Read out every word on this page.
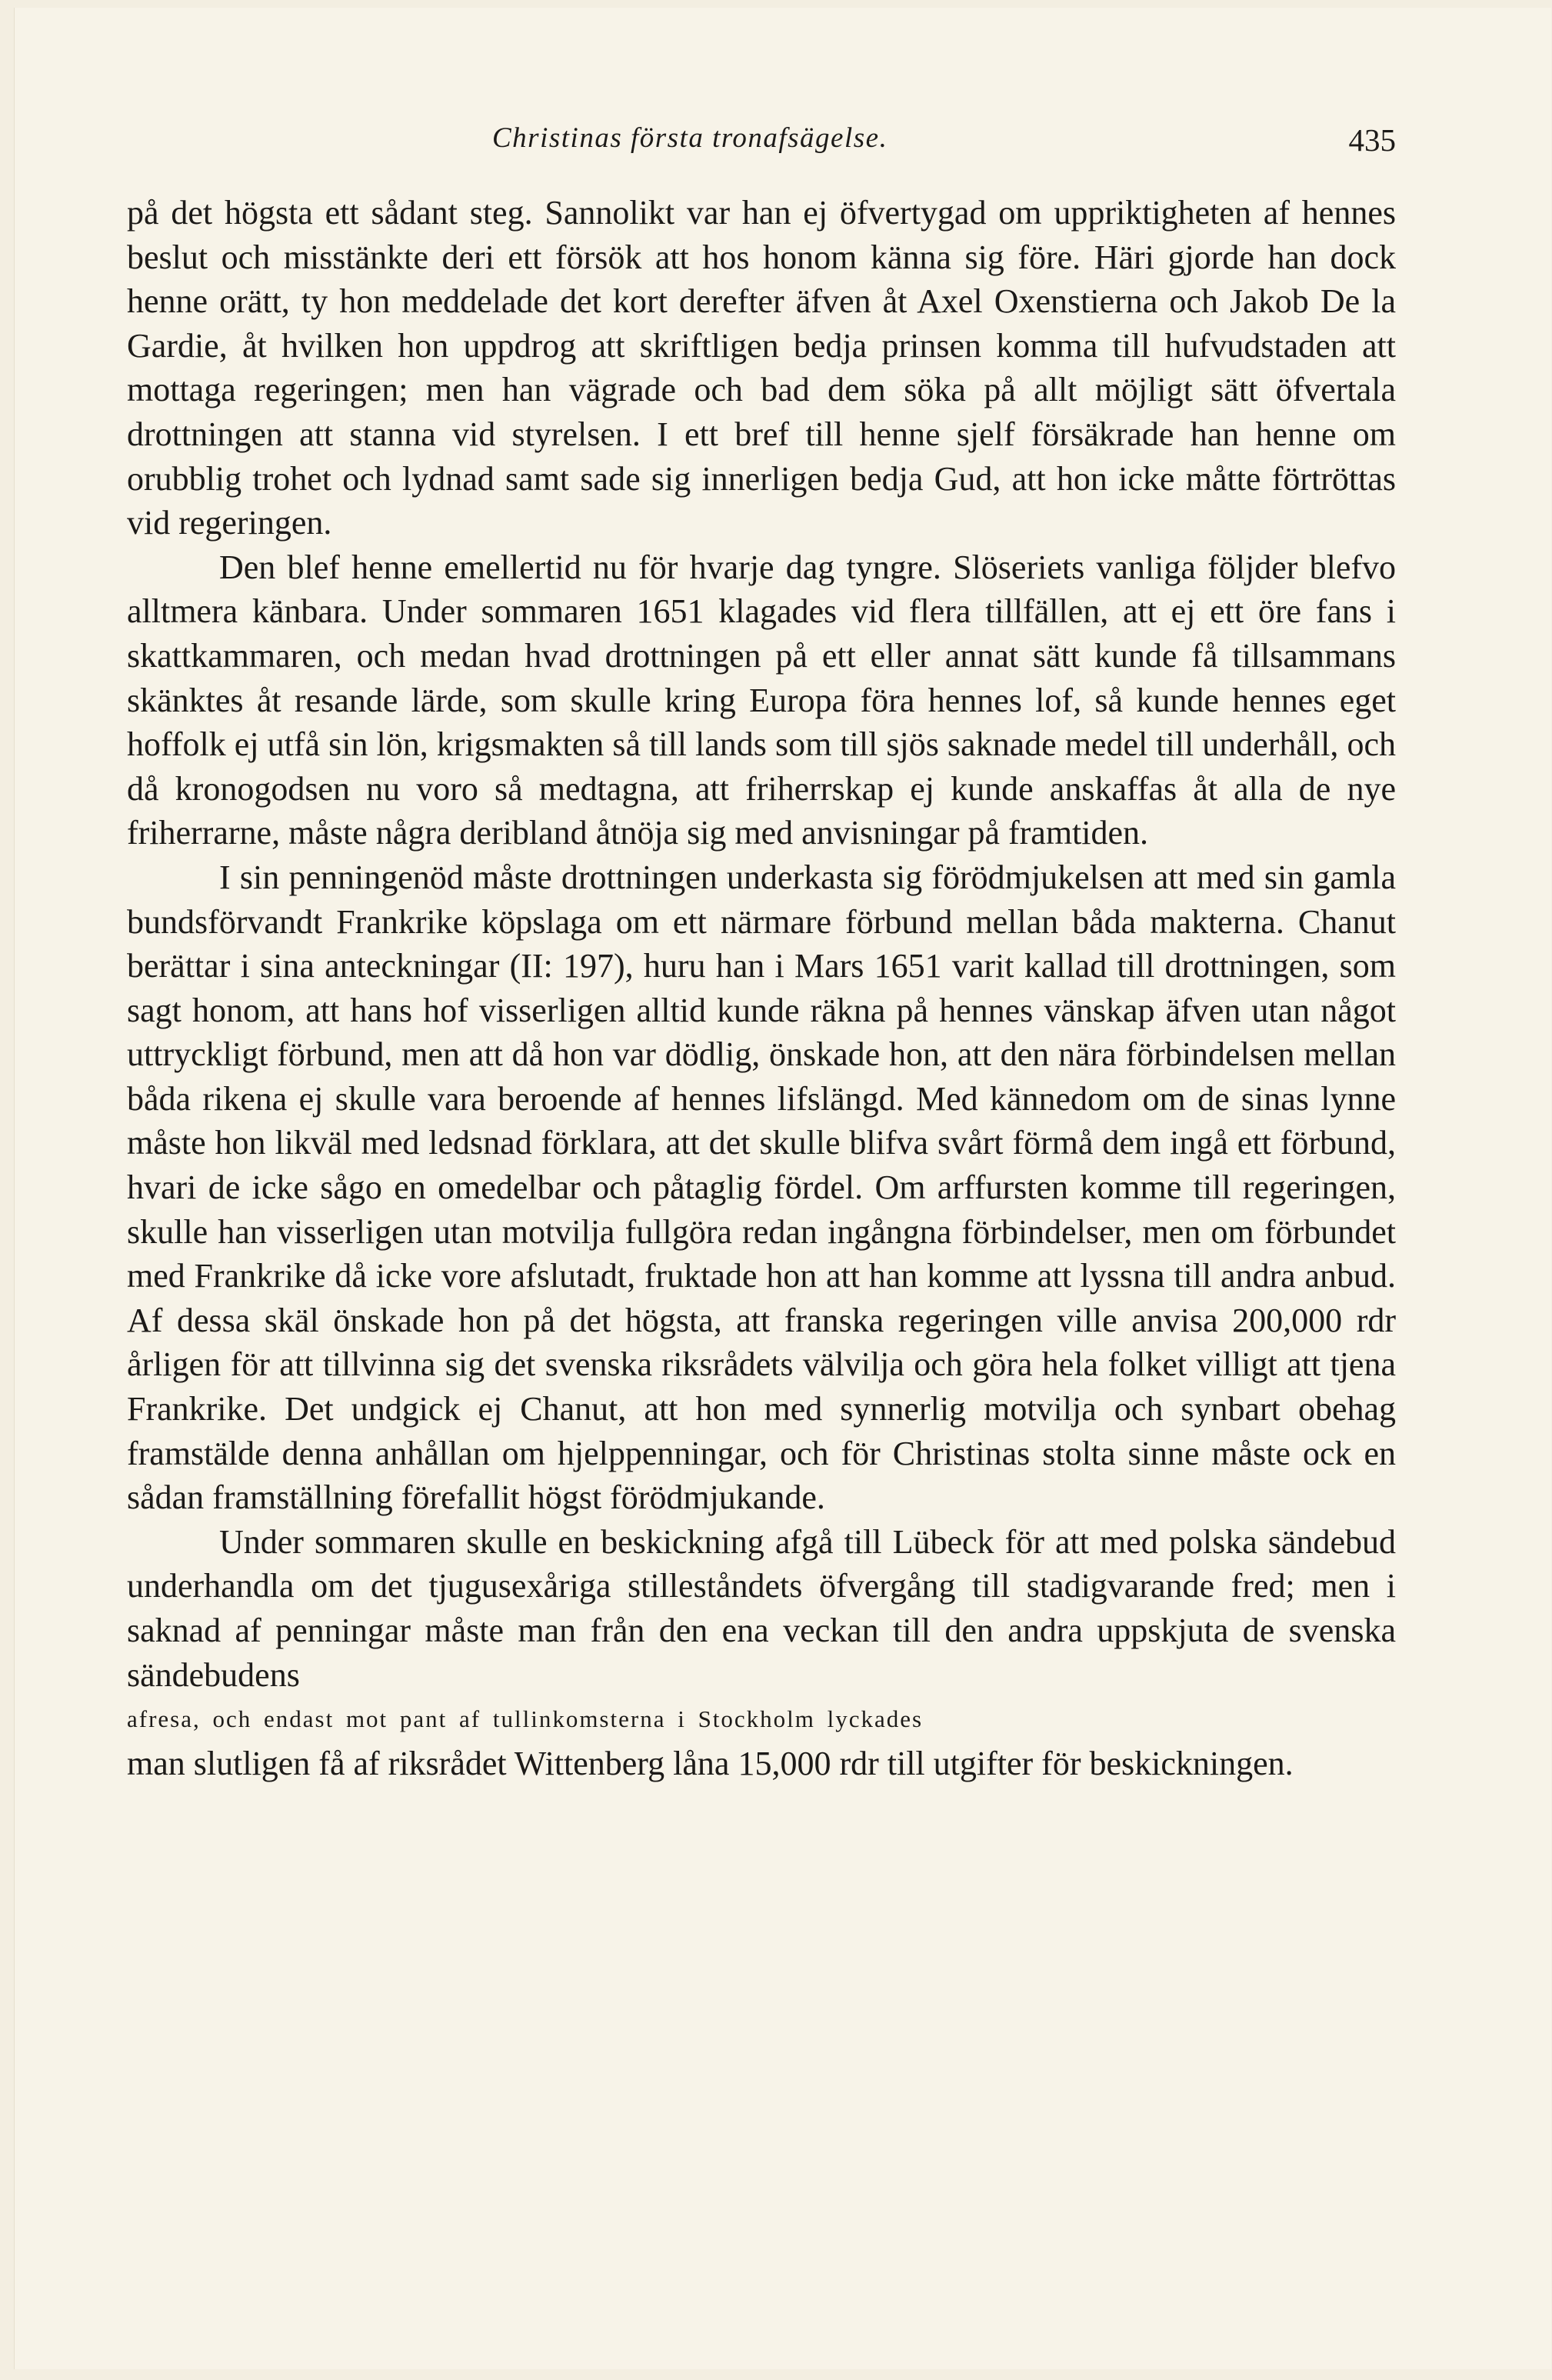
Christinas första tronafsägelse.	435

på det högsta ett sådant steg. Sannolikt var han ej öfvertygad om uppriktigheten af hennes beslut och misstänkte deri ett försök att hos honom känna sig före. Häri gjorde han dock henne orätt, ty hon meddelade det kort derefter äfven åt Axel Oxenstierna och Jakob De la Gardie, åt hvilken hon uppdrog att skriftligen bedja prinsen komma till hufvudstaden att mottaga regeringen; men han vägrade och bad dem söka på allt möjligt sätt öfvertala drottningen att stanna vid styrelsen. I ett bref till henne sjelf försäkrade han henne om orubblig trohet och lydnad samt sade sig innerligen bedja Gud, att hon icke måtte förtröttas vid regeringen.

Den blef henne emellertid nu för hvarje dag tyngre. Slöseriets vanliga följder blefvo alltmera känbara. Under sommaren 1651 klagades vid flera tillfällen, att ej ett öre fans i skattkammaren, och medan hvad drottningen på ett eller annat sätt kunde få tillsammans skänktes åt resande lärde, som skulle kring Europa föra hennes lof, så kunde hennes eget hoffolk ej utfå sin lön, krigsmakten så till lands som till sjös saknade medel till underhåll, och då kronogodsen nu voro så medtagna, att friherrskap ej kunde anskaffas åt alla de nye friherrarne, måste några deribland åtnöja sig med anvisningar på framtiden.

I sin penningenöd måste drottningen underkasta sig förödmjukelsen att med sin gamla bundsförvandt Frankrike köpslaga om ett närmare förbund mellan båda makterna. Chanut berättar i sina anteckningar (II: 197), huru han i Mars 1651 varit kallad till drottningen, som sagt honom, att hans hof visserligen alltid kunde räkna på hennes vänskap äfven utan något uttryckligt förbund, men att då hon var dödlig, önskade hon, att den nära förbindelsen mellan båda rikena ej skulle vara beroende af hennes lifslängd. Med kännedom om de sinas lynne måste hon likväl med ledsnad förklara, att det skulle blifva svårt förmå dem ingå ett förbund, hvari de icke sågo en omedelbar och påtaglig fördel. Om arffursten komme till regeringen, skulle han visserligen utan motvilja fullgöra redan ingångna förbindelser, men om förbundet med Frankrike då icke vore afslutadt, fruktade hon att han komme att lyssna till andra anbud. Af dessa skäl önskade hon på det högsta, att franska regeringen ville anvisa 200,000 rdr årligen för att tillvinna sig det svenska riksrådets välvilja och göra hela folket villigt att tjena Frankrike. Det undgick ej Chanut, att hon med synnerlig motvilja och synbart obehag framstälde denna anhållan om hjelppenningar, och för Christinas stolta sinne måste ock en sådan framställning förefallit högst förödmjukande.

Under sommaren skulle en beskickning afgå till Lübeck för att med polska sändebud underhandla om det tjugusexåriga stilleståndets öfvergång till stadigvarande fred; men i saknad af penningar måste man från den ena veckan till den andra uppskjuta de svenska sändebudens

afresa, och endast mot pant af tullinkomsterna i Stockholm lyckades

man slutligen få af riksrådet Wittenberg låna 15,000 rdr till utgifter för beskickningen.
